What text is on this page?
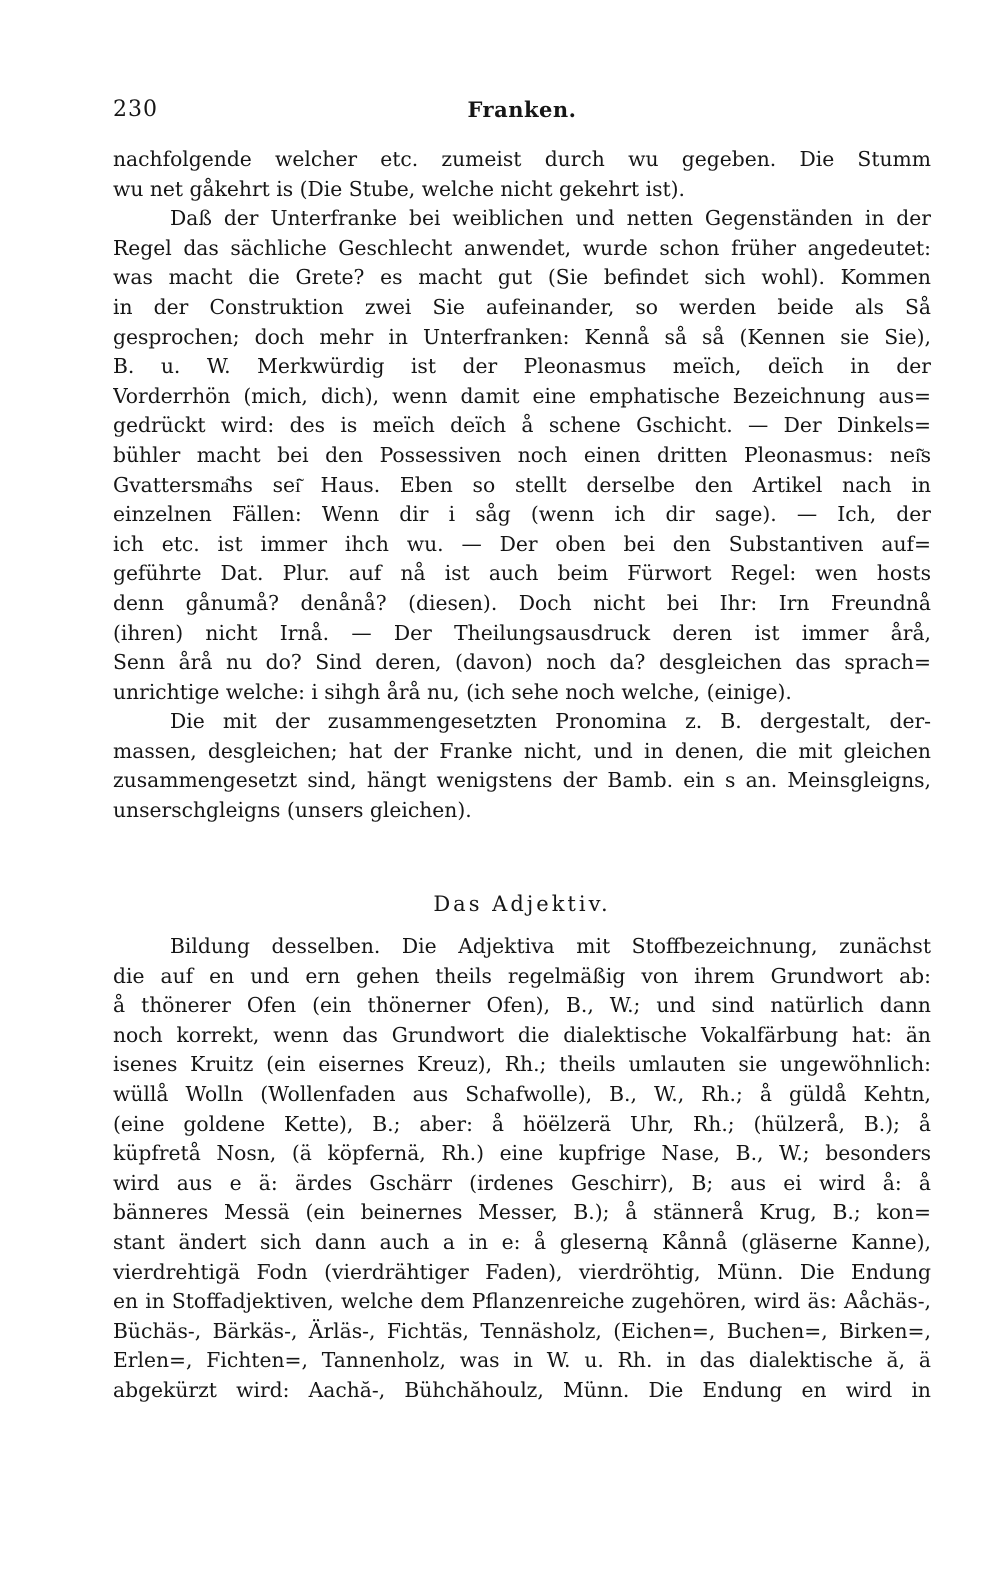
230	Franken.
nachfolgende welcher etc. zumeist durch wu gegeben. Die Stumm
wu net gåkehrt is (Die Stube, welche nicht gekehrt ist).
Daß der Unterfranke bei weiblichen und netten Gegenständen in der
Regel das sächliche Geschlecht anwendet, wurde schon früher angedeutet:
was macht die Grete? es macht gut (Sie befindet sich wohl). Kommen
in der Construktion zwei Sie aufeinander, so werden beide als Så
gesprochen; doch mehr in Unterfranken: Kennå så så (Kennen sie Sie),
B. u. W. Merkwürdig ist der Pleonasmus meïch, deïch in der
Vorderrhön (mich, dich), wenn damit eine emphatische Bezeichnung aus=
gedrückt wird: des is meïch deïch å schene Gschicht. — Der Dinkels=
bühler macht bei den Possessiven noch einen dritten Pleonasmus: nei͂s
Gvattersma͂hs sei͂ Haus. Eben so stellt derselbe den Artikel nach in
einzelnen Fällen: Wenn dir i såg (wenn ich dir sage). — Ich, der
ich etc. ist immer ihch wu. — Der oben bei den Substantiven auf=
geführte Dat. Plur. auf nå ist auch beim Fürwort Regel: wen hosts
denn gånumå? denånå? (diesen). Doch nicht bei Ihr: Irn Freundnå
(ihren) nicht Irnå. — Der Theilungsausdruck deren ist immer årå,
Senn årå nu do? Sind deren, (davon) noch da? desgleichen das sprach=
unrichtige welche: i sihgh årå nu, (ich sehe noch welche, (einige).
Die mit der zusammengesetzten Pronomina z. B. dergestalt, der-
massen, desgleichen; hat der Franke nicht, und in denen, die mit gleichen
zusammengesetzt sind, hängt wenigstens der Bamb. ein s an. Meinsgleigns,
unserschgleigns (unsers gleichen).
Das Adjektiv.
Bildung desselben. Die Adjektiva mit Stoffbezeichnung, zunächst
die auf en und ern gehen theils regelmäßig von ihrem Grundwort ab:
å thönerer Ofen (ein thönerner Ofen), B., W.; und sind natürlich dann
noch korrekt, wenn das Grundwort die dialektische Vokalfärbung hat: än
isenes Kruitz (ein eisernes Kreuz), Rh.; theils umlauten sie ungewöhnlich:
wüllå Wolln (Wollenfaden aus Schafwolle), B., W., Rh.; å güldå Kehtn,
(eine goldene Kette), B.; aber: å höëlzerä Uhr, Rh.; (hülzerå, B.); å
küpfretå Nosn, (ä köpfernä, Rh.) eine kupfrige Nase, B., W.; besonders
wird aus e ä: ärdes Gschärr (irdenes Geschirr), B; aus ei wird å: å
bänneres Messä (ein beinernes Messer, B.); å stännerå Krug, B.; kon=
stant ändert sich dann auch a in e: å gleserną Kånnå (gläserne Kanne),
vierdrehtigä Fodn (vierdrähtiger Faden), vierdröhtig, Münn. Die Endung
en in Stoffadjektiven, welche dem Pflanzenreiche zugehören, wird äs: Aåchäs-,
Büchäs-, Bärkäs-, Ärläs-, Fichtäs, Tennäsholz, (Eichen=, Buchen=, Birken=,
Erlen=, Fichten=, Tannenholz, was in W. u. Rh. in das dialektische ă, ä
abgekürzt wird: Aachă-, Bühchăhoulz, Münn. Die Endung en wird in
